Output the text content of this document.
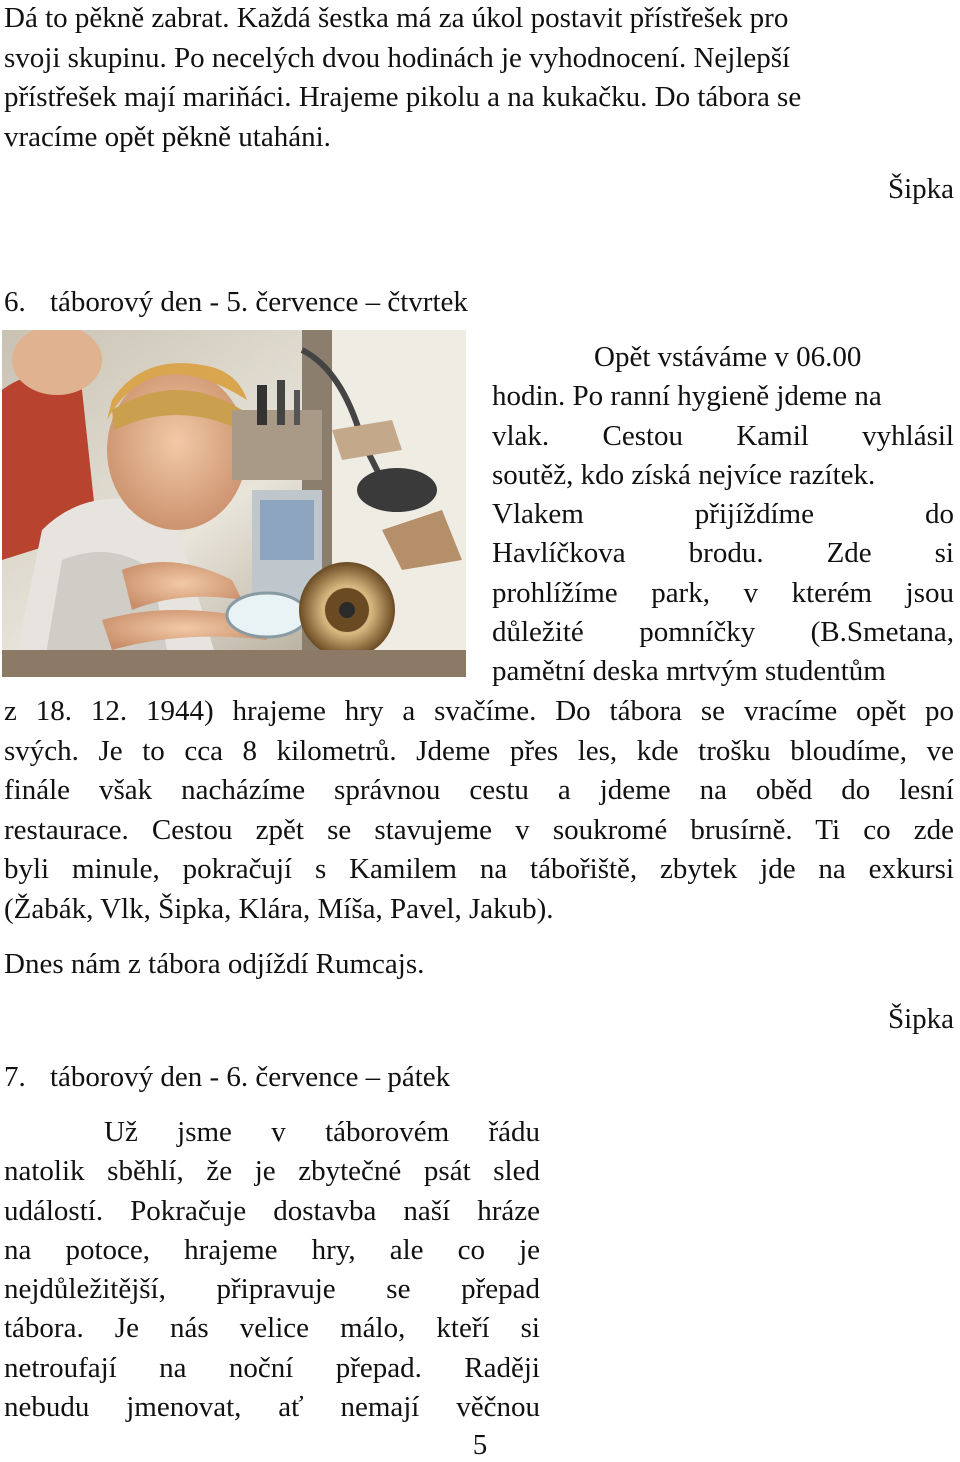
Dá to pěkně zabrat. Každá šestka má za úkol postavit přístřešek pro
svoji skupinu. Po necelých dvou hodinách je vyhodnocení. Nejlepší
přístřešek mají mariňáci. Hrajeme pikolu a na kukačku. Do tábora se
vracíme opět pěkně utaháni.
Šipka
6. táborový den - 5. července – čtvrtek
Opět vstáváme v 06.00
hodin. Po ranní hygieně jdeme na
vlak. Cestou Kamil vyhlásil
soutěž, kdo získá nejvíce razítek.
Vlakem přijíždíme do
Havlíčkova brodu. Zde si
prohlížíme park, v kterém jsou
důležité pomníčky (B.Smetana,
pamětní deska mrtvým studentům
z 18. 12. 1944) hrajeme hry a svačíme. Do tábora se vracíme opět po
svých. Je to cca 8 kilometrů. Jdeme přes les, kde trošku bloudíme, ve
finále však nacházíme správnou cestu a jdeme na oběd do lesní
restaurace. Cestou zpět se stavujeme v soukromé brusírně. Ti co zde
byli minule, pokračují s Kamilem na tábořiště, zbytek jde na exkursi
(Žabák, Vlk, Šipka, Klára, Míša, Pavel, Jakub).
Dnes nám z tábora odjíždí Rumcajs.
Šipka
7. táborový den - 6. července – pátek
Už jsme v táborovém řádu
natolik sběhlí, že je zbytečné psát sled
událostí. Pokračuje dostavba naší hráze
na potoce, hrajeme hry, ale co je
nejdůležitější, připravuje se přepad
tábora. Je nás velice málo, kteří si
netroufají na noční přepad. Raději
nebudu jmenovat, ať nemají věčnou
5
